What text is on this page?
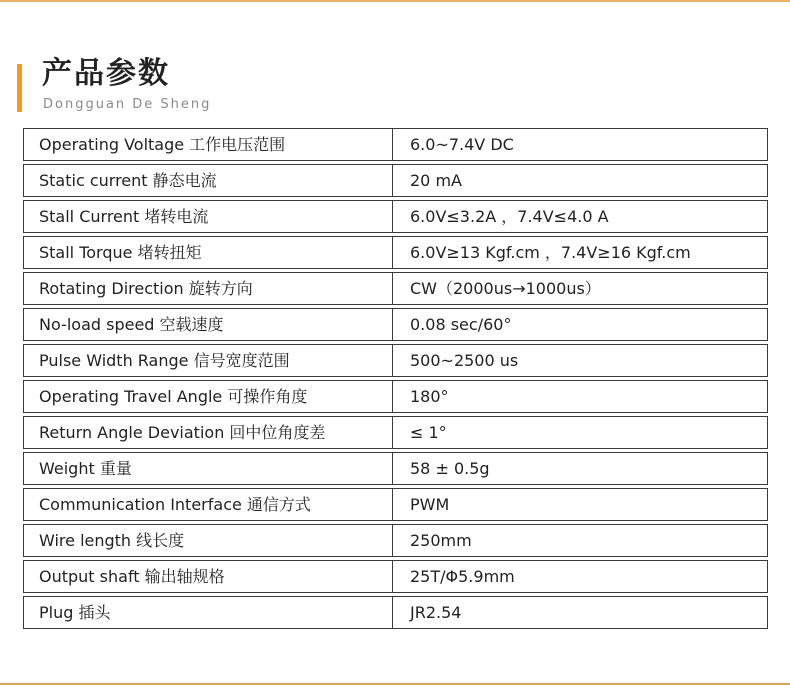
产品参数
Dongguan De Sheng
Operating Voltage 工作电压范围	6.0~7.4V DC
Static current 静态电流	20 mA
Stall Current 堵转电流	6.0V≤3.2A ，7.4V≤4.0 A
Stall Torque 堵转扭矩	6.0V≥13 Kgf.cm ，7.4V≥16 Kgf.cm
Rotating Direction 旋转方向	CW（2000us→1000us）
No-load speed 空载速度	0.08 sec/60°
Pulse Width Range 信号宽度范围	500~2500 us
Operating Travel Angle 可操作角度	180°
Return Angle Deviation 回中位角度差	≤ 1°
Weight 重量	58 ± 0.5g
Communication Interface 通信方式	PWM
Wire length 线长度	250mm
Output shaft 输出轴规格	25T/Φ5.9mm
Plug 插头	JR2.54
